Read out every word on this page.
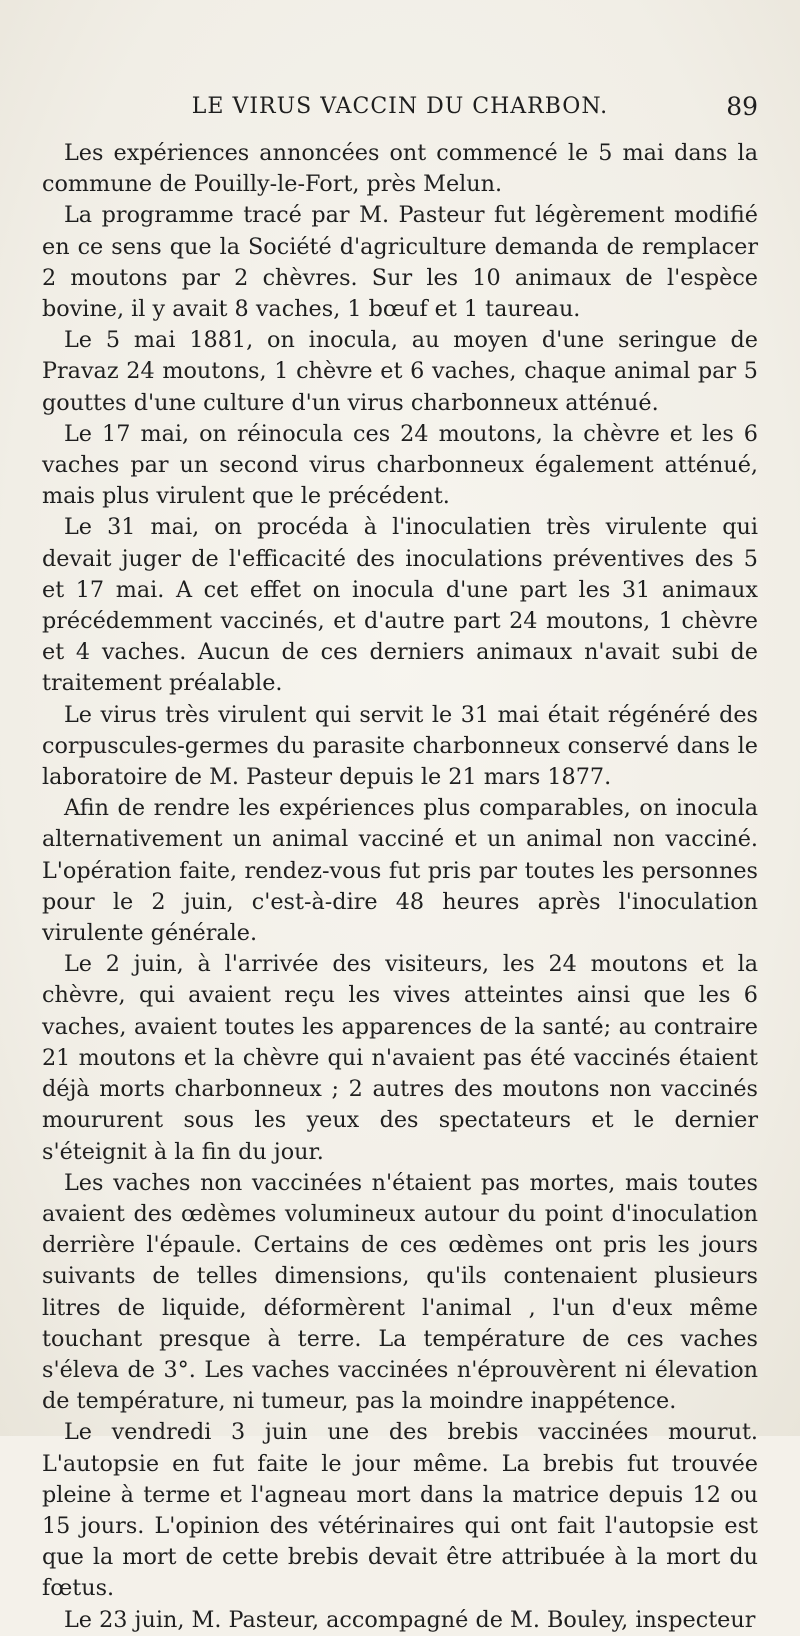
LE VIRUS VACCIN DU CHARBON.	89

Les expériences annoncées ont commencé le 5 mai dans la commune de Pouilly-le-Fort, près Melun.

La programme tracé par M. Pasteur fut légèrement modifié en ce sens que la Société d'agriculture demanda de remplacer 2 moutons par 2 chèvres. Sur les 10 animaux de l'espèce bovine, il y avait 8 vaches, 1 bœuf et 1 taureau.

Le 5 mai 1881, on inocula, au moyen d'une seringue de Pravaz 24 moutons, 1 chèvre et 6 vaches, chaque animal par 5 gouttes d'une culture d'un virus charbonneux atténué.

Le 17 mai, on réinocula ces 24 moutons, la chèvre et les 6 vaches par un second virus charbonneux également atténué, mais plus virulent que le précédent.

Le 31 mai, on procéda à l'inoculatien très virulente qui devait juger de l'efficacité des inoculations préventives des 5 et 17 mai. A cet effet on inocula d'une part les 31 animaux précédemment vaccinés, et d'autre part 24 moutons, 1 chèvre et 4 vaches. Aucun de ces derniers animaux n'avait subi de traitement préalable.

Le virus très virulent qui servit le 31 mai était régénéré des corpuscules-germes du parasite charbonneux conservé dans le laboratoire de M. Pasteur depuis le 21 mars 1877.

Afin de rendre les expériences plus comparables, on inocula alternativement un animal vacciné et un animal non vacciné. L'opération faite, rendez-vous fut pris par toutes les personnes pour le 2 juin, c'est-à-dire 48 heures après l'inoculation virulente générale.

Le 2 juin, à l'arrivée des visiteurs, les 24 moutons et la chèvre, qui avaient reçu les vives atteintes ainsi que les 6 vaches, avaient toutes les apparences de la santé; au contraire 21 moutons et la chèvre qui n'avaient pas été vaccinés étaient déjà morts charbonneux ; 2 autres des moutons non vaccinés moururent sous les yeux des spectateurs et le dernier s'éteignit à la fin du jour.

Les vaches non vaccinées n'étaient pas mortes, mais toutes avaient des œdèmes volumineux autour du point d'inoculation derrière l'épaule. Certains de ces œdèmes ont pris les jours suivants de telles dimensions, qu'ils contenaient plusieurs litres de liquide, déformèrent l'animal , l'un d'eux même touchant presque à terre. La température de ces vaches s'éleva de 3°. Les vaches vaccinées n'éprouvèrent ni élevation de température, ni tumeur, pas la moindre inappétence.

Le vendredi 3 juin une des brebis vaccinées mourut. L'autopsie en fut faite le jour même. La brebis fut trouvée pleine à terme et l'agneau mort dans la matrice depuis 12 ou 15 jours. L'opinion des vétérinaires qui ont fait l'autopsie est que la mort de cette brebis devait être attribuée à la mort du fœtus.

Le 23 juin, M. Pasteur, accompagné de M. Bouley, inspecteur
